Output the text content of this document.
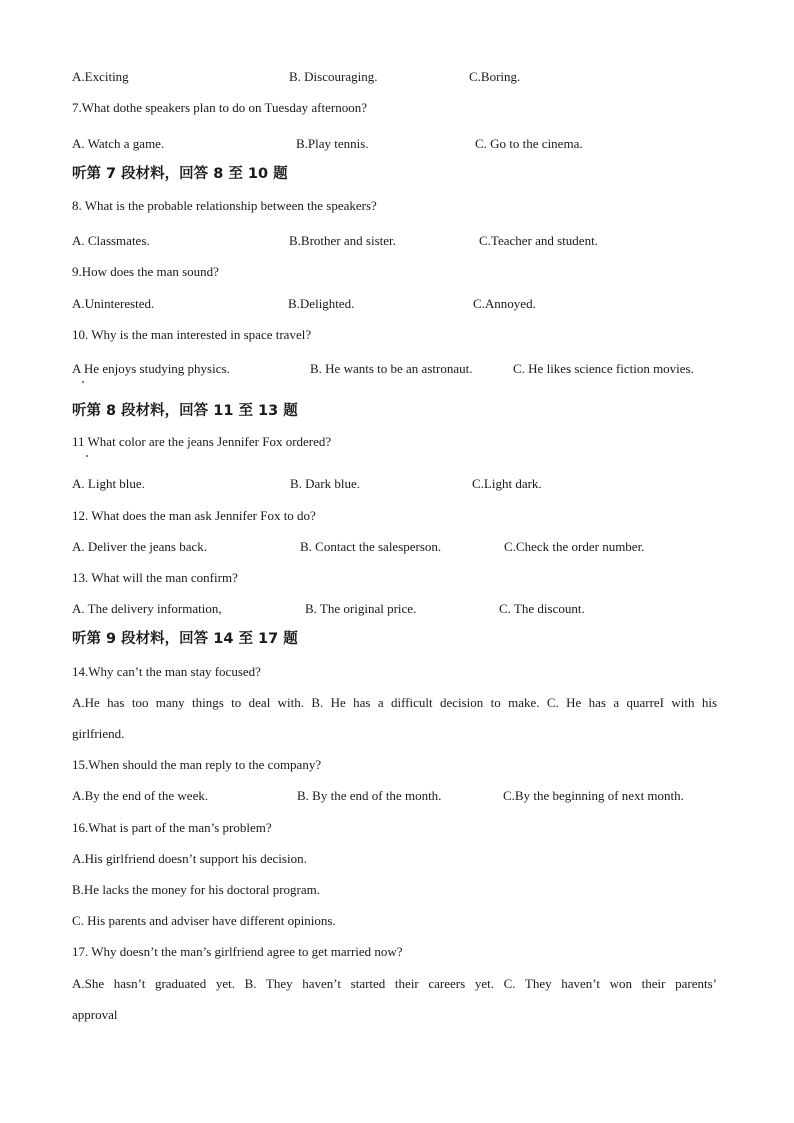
A.Exciting	B. Discouraging.	C.Boring.
7.What dothe speakers plan to do on Tuesday afternoon?
A. Watch a game.	B.Play tennis.	C. Go to the cinema.
听第 7 段材料，回答 8 至 10 题
8. What is the probable relationship between the speakers?
A. Classmates.	B.Brother and sister.	C.Teacher and student.
9.How does the man sound?
A.Uninterested.	B.Delighted.	C.Annoyed.
10. Why is the man interested in space travel?
A He enjoys studying physics.	B. He wants to be an astronaut.	C. He likes science fiction movies.
听第 8 段材料，回答 11 至 13 题
11 What color are the jeans Jennifer Fox ordered?
A. Light blue.	B. Dark blue.	C.Light dark.
12. What does the man ask Jennifer Fox to do?
A. Deliver the jeans back.	B. Contact the salesperson.	C.Check the order number.
13. What will the man confirm?
A. The delivery information,	B. The original price.	C. The discount.
听第 9 段材料，回答 14 至 17 题
14.Why can’t the man stay focused?
A.He has too many things to deal with. B. He has a difficult decision to make. C. He has a quarreI with his
girlfriend.
15.When should the man reply to the company?
A.By the end of the week.	B. By the end of the month.	C.By the beginning of next month.
16.What is part of the man’s problem?
A.His girlfriend doesn’t support his decision.
B.He lacks the money for his doctoral program.
C. His parents and adviser have different opinions.
17. Why doesn’t the man’s girlfriend agree to get married now?
A.She hasn’t graduated yet. B. They haven’t started their careers yet. C. They haven’t won their parents’
approval
